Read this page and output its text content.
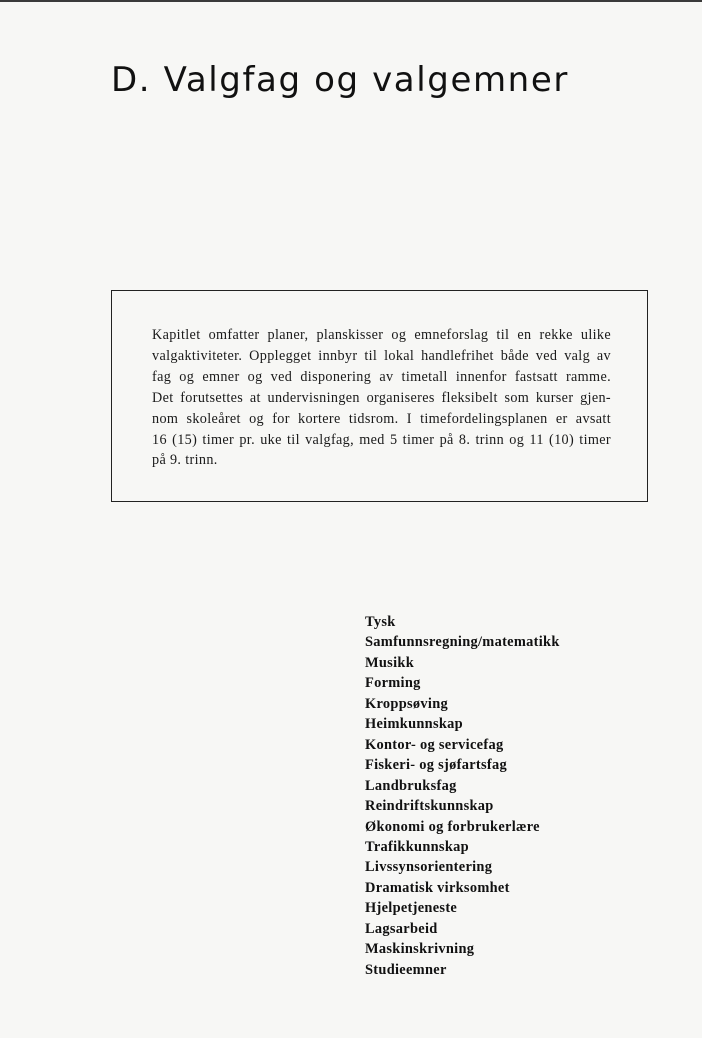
D. Valgfag og valgemner

Kapitlet omfatter planer, planskisser og emneforslag til en rekke ulike
valgaktiviteter. Opplegget innbyr til lokal handlefrihet både ved valg av
fag og emner og ved disponering av timetall innenfor fastsatt ramme.
Det forutsettes at undervisningen organiseres fleksibelt som kurser gjen-
nom skoleåret og for kortere tidsrom. I timefordelingsplanen er avsatt
16 (15) timer pr. uke til valgfag, med 5 timer på 8. trinn og 11 (10) timer
på 9. trinn.

Tysk
Samfunnsregning/matematikk
Musikk
Forming
Kroppsøving
Heimkunnskap
Kontor- og servicefag
Fiskeri- og sjøfartsfag
Landbruksfag
Reindriftskunnskap
Økonomi og forbrukerlære
Trafikkunnskap
Livssynsorientering
Dramatisk virksomhet
Hjelpetjeneste
Lagsarbeid
Maskinskrivning
Studieemner
